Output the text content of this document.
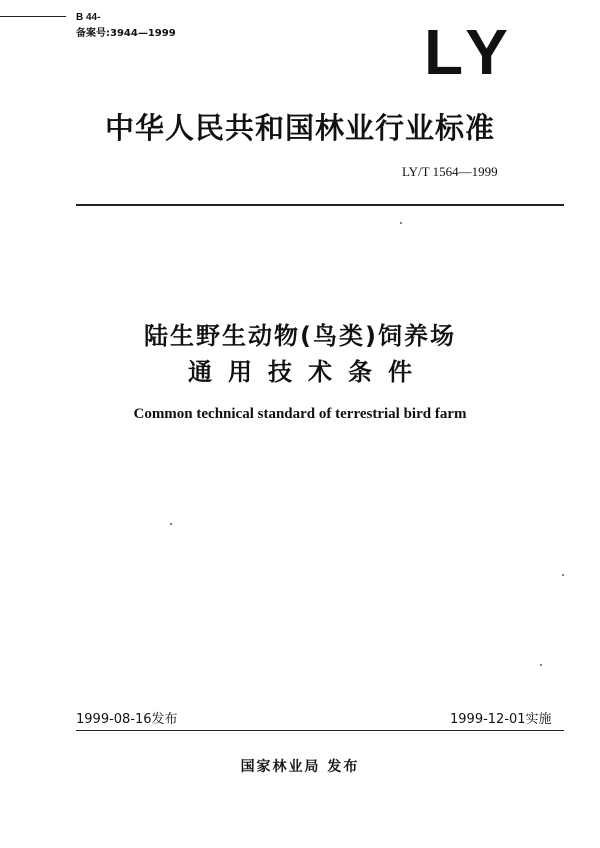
B 44-
备案号:3944—1999	LY
中华人民共和国林业行业标准
LY/T 1564—1999
陆生野生动物(鸟类)饲养场
通用技术条件
Common technical standard of terrestrial bird farm
1999-08-16发布	1999-12-01实施
国家林业局 发布
